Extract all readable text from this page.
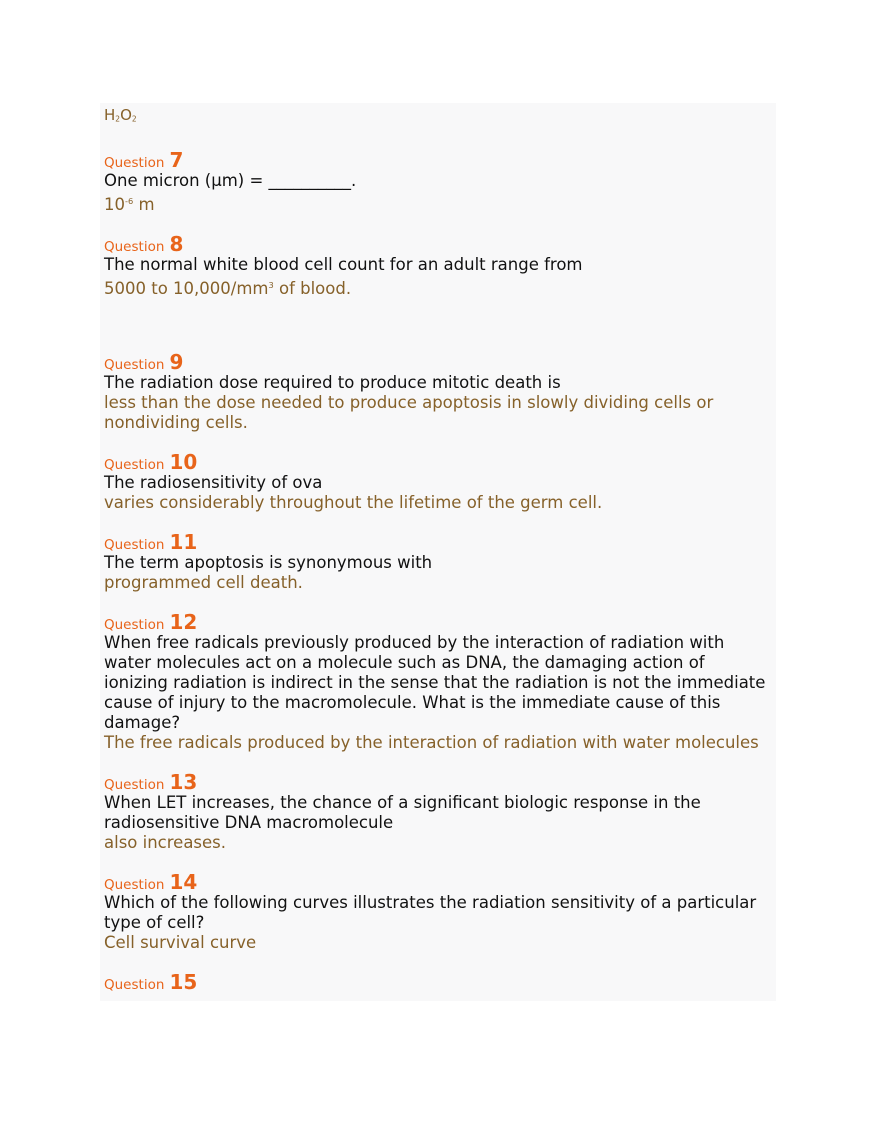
$H_2O_2$
Question 7
One micron (μm) = __________.
$10^{-6}$ m
Question 8
The normal white blood cell count for an adult range from
5000 to $10,000/mm^3$ of blood.
Question 9
The radiation dose required to produce mitotic death is
less than the dose needed to produce apoptosis in slowly dividing cells or nondividing cells.
Question 10
The radiosensitivity of ova
varies considerably throughout the lifetime of the germ cell.
Question 11
The term apoptosis is synonymous with
programmed cell death.
Question 12
When free radicals previously produced by the interaction of radiation with water molecules act on a molecule such as DNA, the damaging action of ionizing radiation is indirect in the sense that the radiation is not the immediate cause of injury to the macromolecule. What is the immediate cause of this damage?
The free radicals produced by the interaction of radiation with water molecules
Question 13
When LET increases, the chance of a significant biologic response in the radiosensitive DNA macromolecule
also increases.
Question 14
Which of the following curves illustrates the radiation sensitivity of a particular type of cell?
Cell survival curve
Question 15
